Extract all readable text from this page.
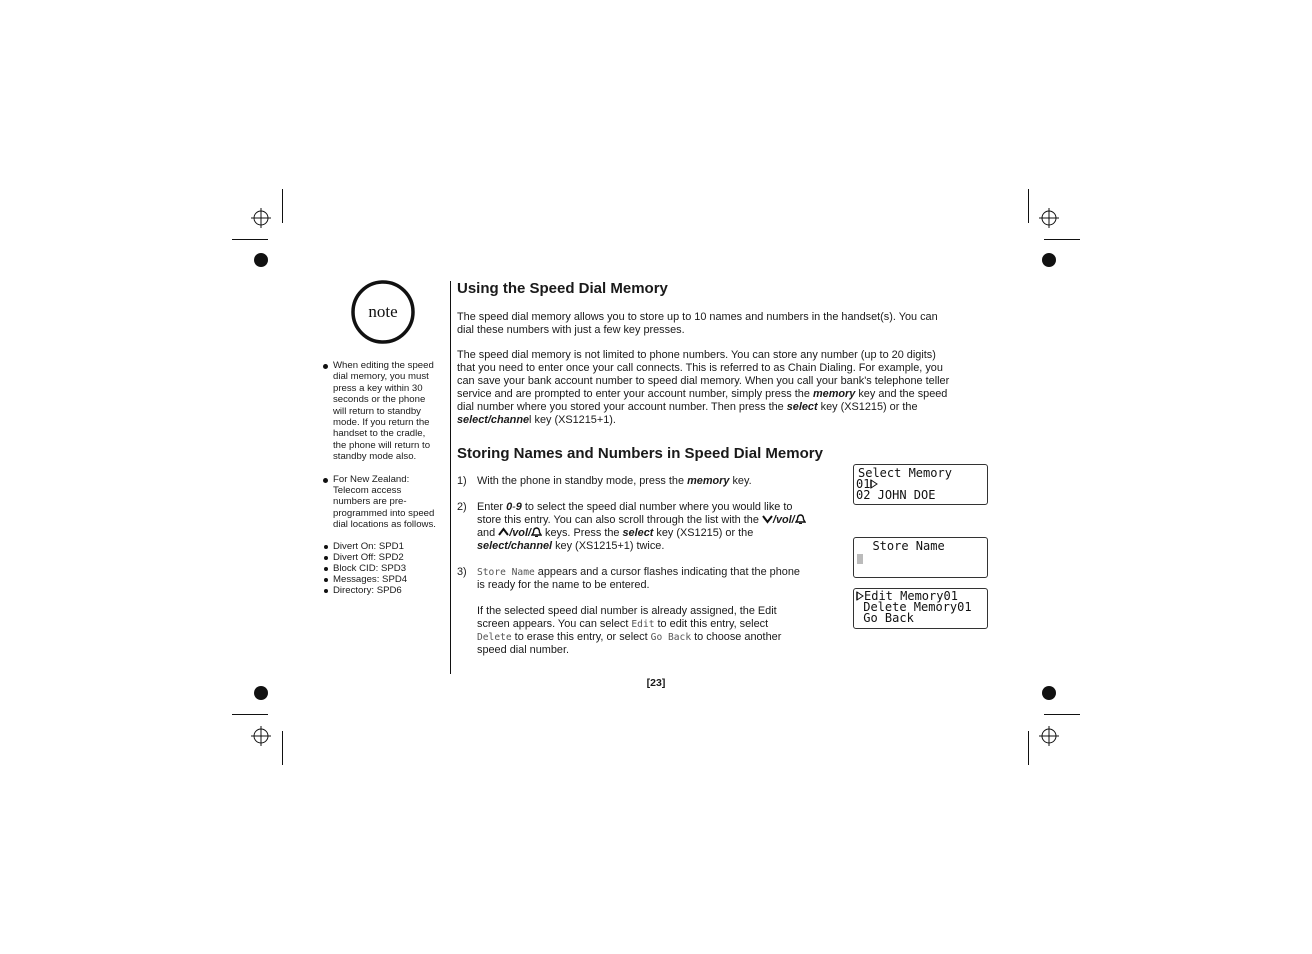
note
When editing the speed
dial memory, you must
press a key within 30
seconds or the phone
will return to standby
mode. If you return the
handset to the cradle,
the phone will return to
standby mode also.
For New Zealand:
Telecom access
numbers are pre-
programmed into speed
dial locations as follows.
Divert On: SPD1
Divert Off: SPD2
Block CID: SPD3
Messages: SPD4
Directory: SPD6
Using the Speed Dial Memory
The speed dial memory allows you to store up to 10 names and numbers in the handset(s). You can
dial these numbers with just a few key presses.
The speed dial memory is not limited to phone numbers. You can store any number (up to 20 digits)
that you need to enter once your call connects. This is referred to as Chain Dialing. For example, you
can save your bank account number to speed dial memory. When you call your bank's telephone teller
service and are prompted to enter your account number, simply press the memory key and the speed
dial number where you stored your account number. Then press the select key (XS1215) or the
select/channel key (XS1215+1).
Storing Names and Numbers in Speed Dial Memory
1) With the phone in standby mode, press the memory key.
2) Enter 0-9 to select the speed dial number where you would like to
store this entry. You can also scroll through the list with the /vol/
and /vol/ keys. Press the select key (XS1215) or the
select/channel key (XS1215+1) twice.
3) Store Name appears and a cursor flashes indicating that the phone
is ready for the name to be entered.
If the selected speed dial number is already assigned, the Edit
screen appears. You can select Edit to edit this entry, select
Delete to erase this entry, or select Go Back to choose another
speed dial number.
Select Memory
01
02 JOHN DOE
Store Name
Edit Memory01
Delete Memory01
Go Back
[23]
